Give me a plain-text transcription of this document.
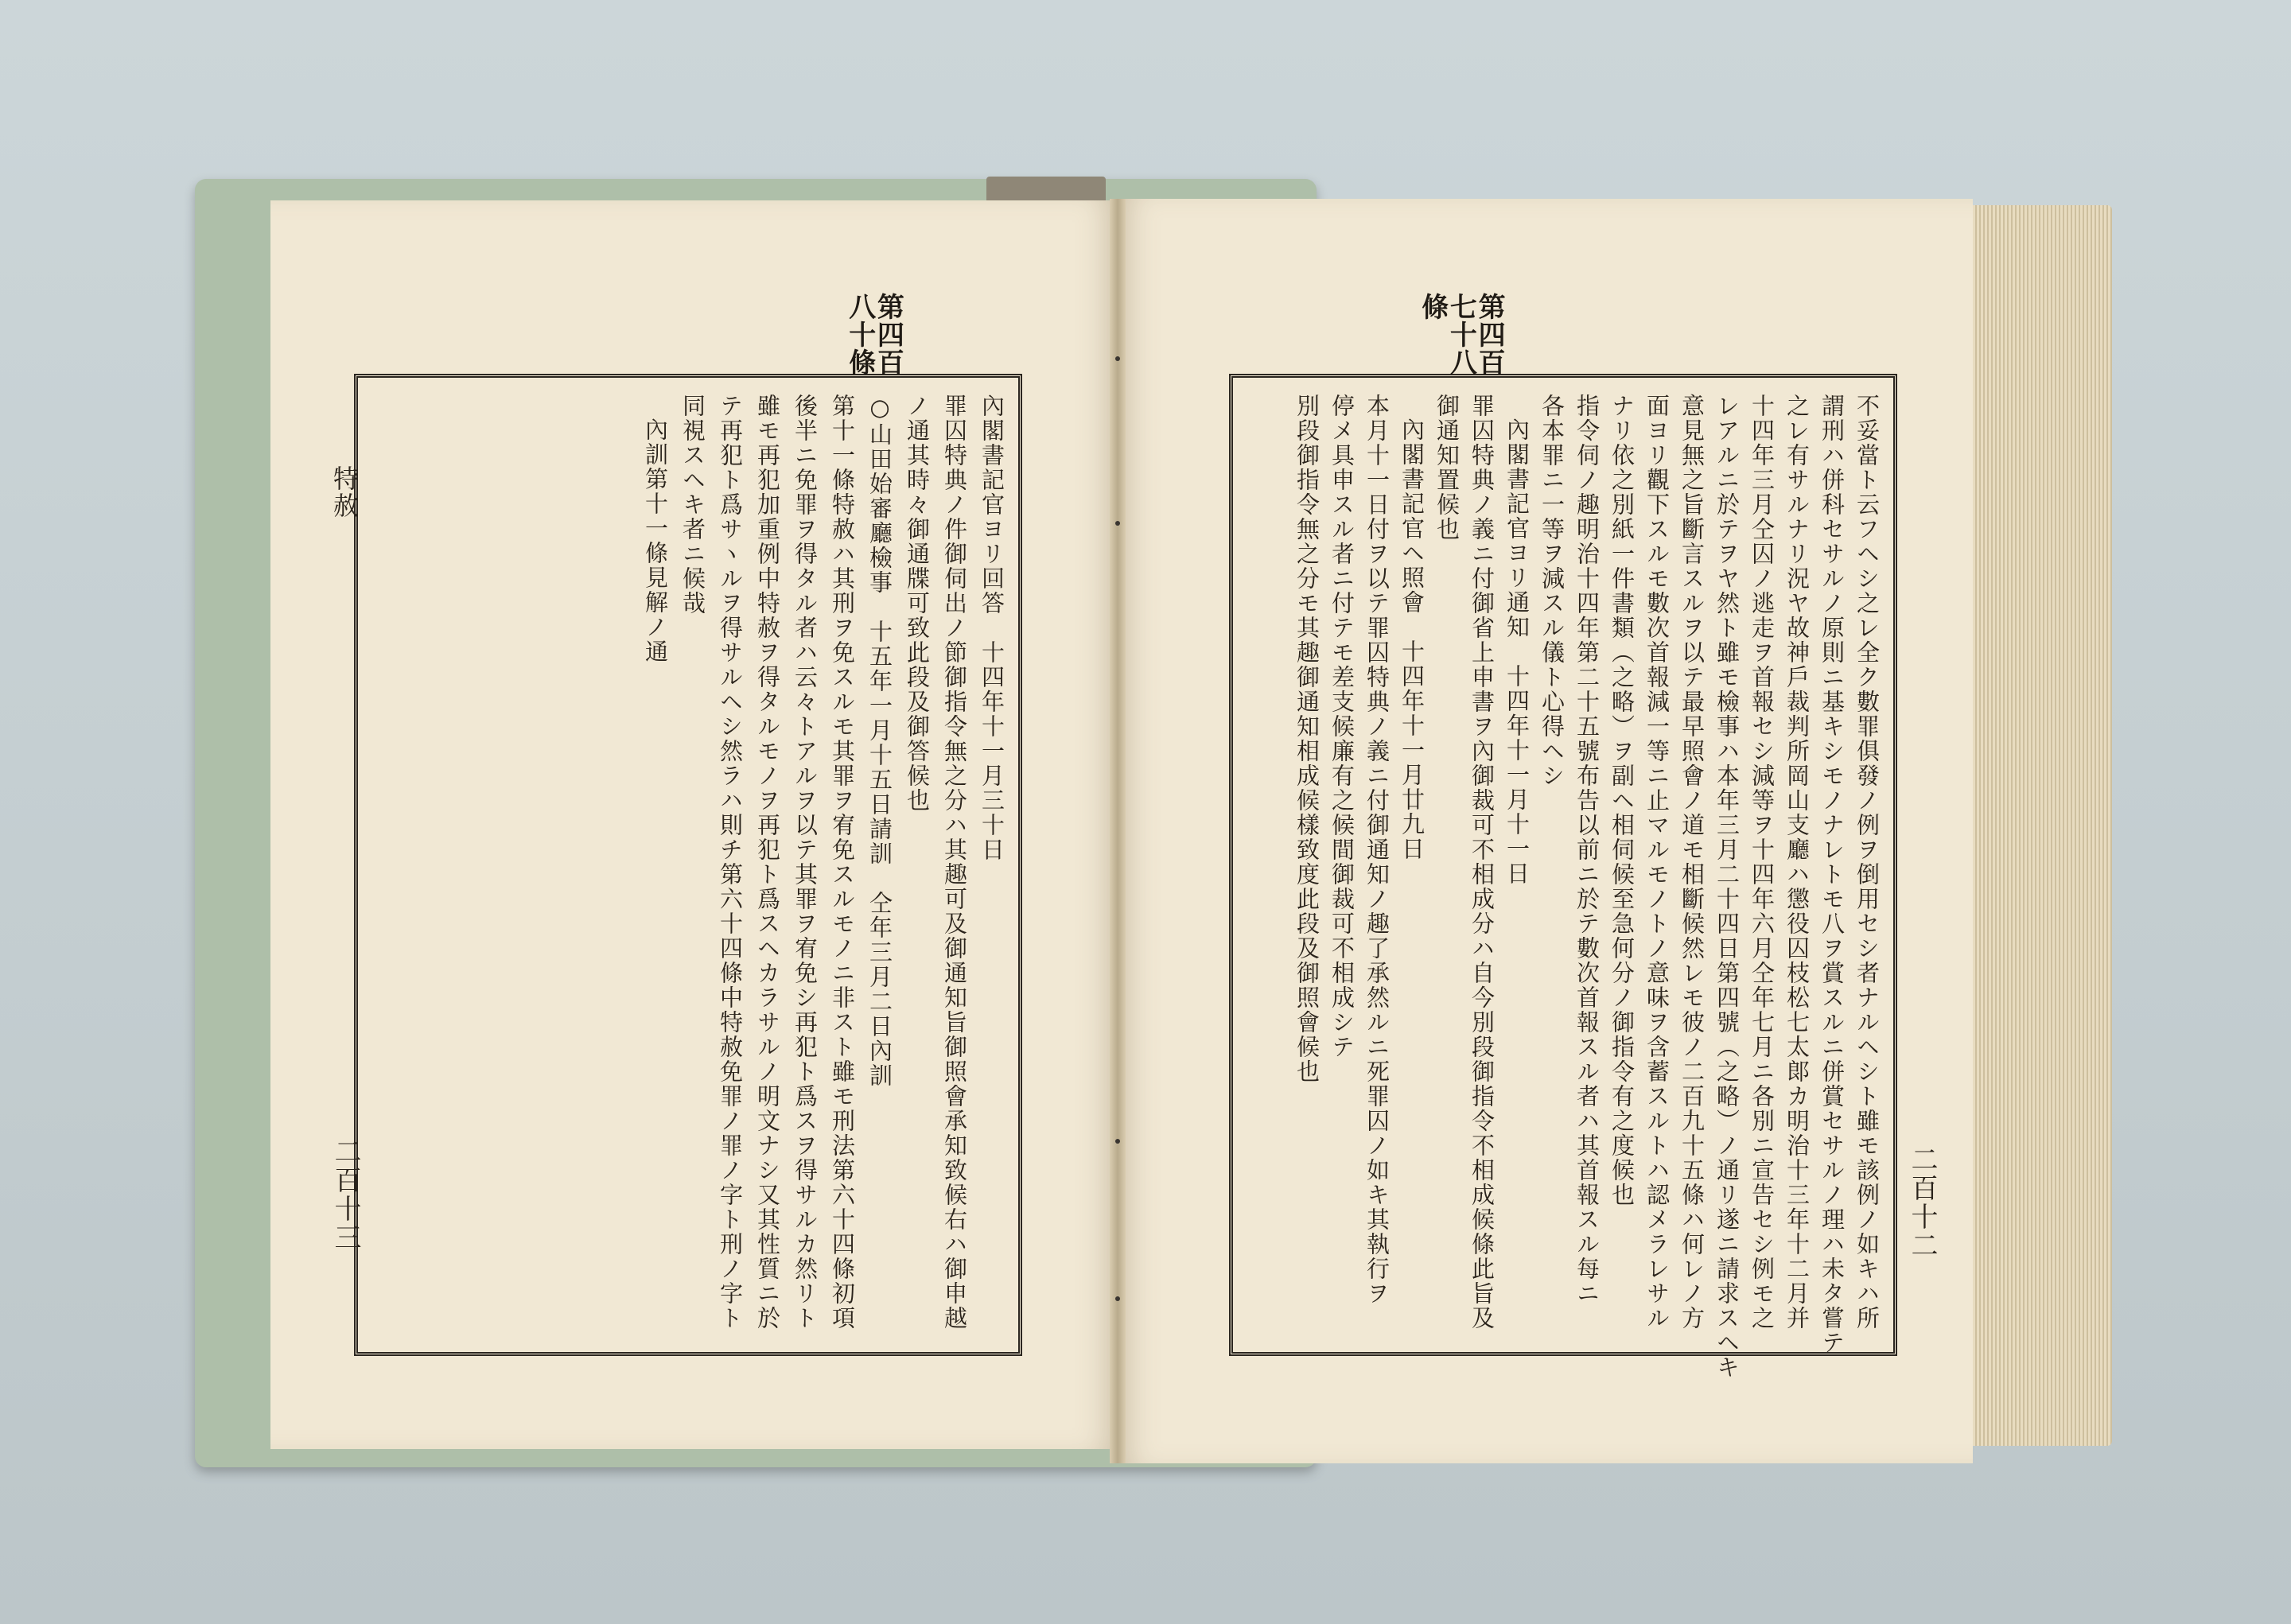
第四百八十條
特赦
二百十三
第四百七十八條
二百十二
內閣書記官ヨリ回答　十四年十一月三十日
罪囚特典ノ件御伺出ノ節御指令無之分ハ其趣可及御通知旨御照會承知致候右ハ御申越
ノ通其時々御通牒可致此段及御答候也
○山田始審廳檢事　十五年一月十五日請訓　仝年三月二日內訓
第十一條特赦ハ其刑ヲ免スルモ其罪ヲ宥免スルモノニ非スト雖モ刑法第六十四條初項
後半ニ免罪ヲ得タル者ハ云々トアルヲ以テ其罪ヲ宥免シ再犯ト爲スヲ得サルカ然リト
雖モ再犯加重例中特赦ヲ得タルモノヲ再犯ト爲スヘカラサルノ明文ナシ又其性質ニ於
テ再犯ト爲サヽルヲ得サルヘシ然ラハ則チ第六十四條中特赦免罪ノ罪ノ字ト刑ノ字ト
同視スヘキ者ニ候哉
內訓第十一條見解ノ通	不妥當ト云フヘシ之レ全ク數罪俱發ノ例ヲ倒用セシ者ナルヘシト雖モ該例ノ如キハ所
謂刑ハ併科セサルノ原則ニ基キシモノナレトモ八ヲ賞スルニ併賞セサルノ理ハ未タ嘗テ
之レ有サルナリ況ヤ故神戶裁判所岡山支廳ハ懲役囚枝松七太郞カ明治十三年十二月并
十四年三月仝囚ノ逃走ヲ首報セシ減等ヲ十四年六月仝年七月ニ各別ニ宣告セシ例モ之
レアルニ於テヲヤ然ト雖モ檢事ハ本年三月二十四日第四號（之略）ノ通リ遂ニ請求スヘキ
意見無之旨斷言スルヲ以テ最早照會ノ道モ相斷候然レモ彼ノ二百九十五條ハ何レノ方
面ヨリ觀下スルモ數次首報減一等ニ止マルモノトノ意味ヲ含蓄スルトハ認メラレサル
ナリ依之別紙一件書類（之略）ヲ副ヘ相伺候至急何分ノ御指令有之度候也
指令伺ノ趣明治十四年第二十五號布告以前ニ於テ數次首報スル者ハ其首報スル每ニ
各本罪ニ一等ヲ減スル儀ト心得ヘシ
內閣書記官ヨリ通知　十四年十一月十一日
罪囚特典ノ義ニ付御省上申書ヲ內御裁可不相成分ハ自今別段御指令不相成候條此旨及
御通知置候也
內閣書記官ヘ照會　十四年十一月廿九日
本月十一日付ヲ以テ罪囚特典ノ義ニ付御通知ノ趣了承然ルニ死罪囚ノ如キ其執行ヲ
停メ具申スル者ニ付テモ差支候廉有之候間御裁可不相成シテ
別段御指令無之分モ其趣御通知相成候樣致度此段及御照會候也
